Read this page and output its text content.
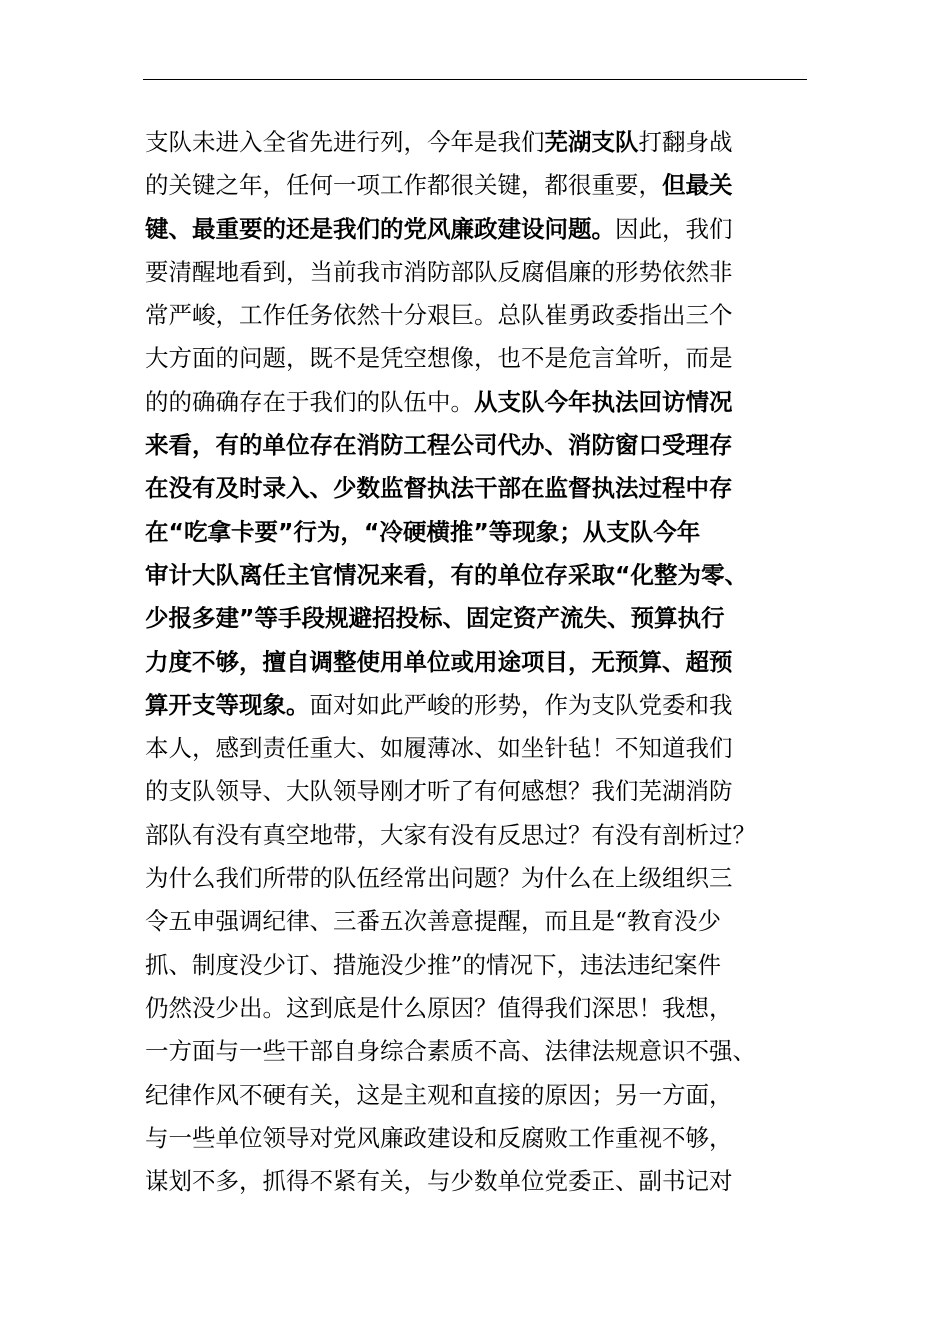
支队未进入全省先进行列，今年是我们芜湖支队打翻身战
的关键之年，任何一项工作都很关键，都很重要，但最关
键、最重要的还是我们的党风廉政建设问题。因此，我们
要清醒地看到，当前我市消防部队反腐倡廉的形势依然非
常严峻，工作任务依然十分艰巨。总队崔勇政委指出三个
大方面的问题，既不是凭空想像，也不是危言耸听，而是
的的确确存在于我们的队伍中。从支队今年执法回访情况
来看，有的单位存在消防工程公司代办、消防窗口受理存
在没有及时录入、少数监督执法干部在监督执法过程中存
在“吃拿卡要”行为，“冷硬横推”等现象；从支队今年
审计大队离任主官情况来看，有的单位存采取“化整为零、
少报多建”等手段规避招投标、固定资产流失、预算执行
力度不够，擅自调整使用单位或用途项目，无预算、超预
算开支等现象。面对如此严峻的形势，作为支队党委和我
本人，感到责任重大、如履薄冰、如坐针毡！不知道我们
的支队领导、大队领导刚才听了有何感想？我们芜湖消防
部队有没有真空地带，大家有没有反思过？有没有剖析过？
为什么我们所带的队伍经常出问题？为什么在上级组织三
令五申强调纪律、三番五次善意提醒，而且是“教育没少
抓、制度没少订、措施没少推”的情况下，违法违纪案件
仍然没少出。这到底是什么原因？值得我们深思！我想，
一方面与一些干部自身综合素质不高、法律法规意识不强、
纪律作风不硬有关，这是主观和直接的原因；另一方面，
与一些单位领导对党风廉政建设和反腐败工作重视不够，
谋划不多，抓得不紧有关，与少数单位党委正、副书记对
